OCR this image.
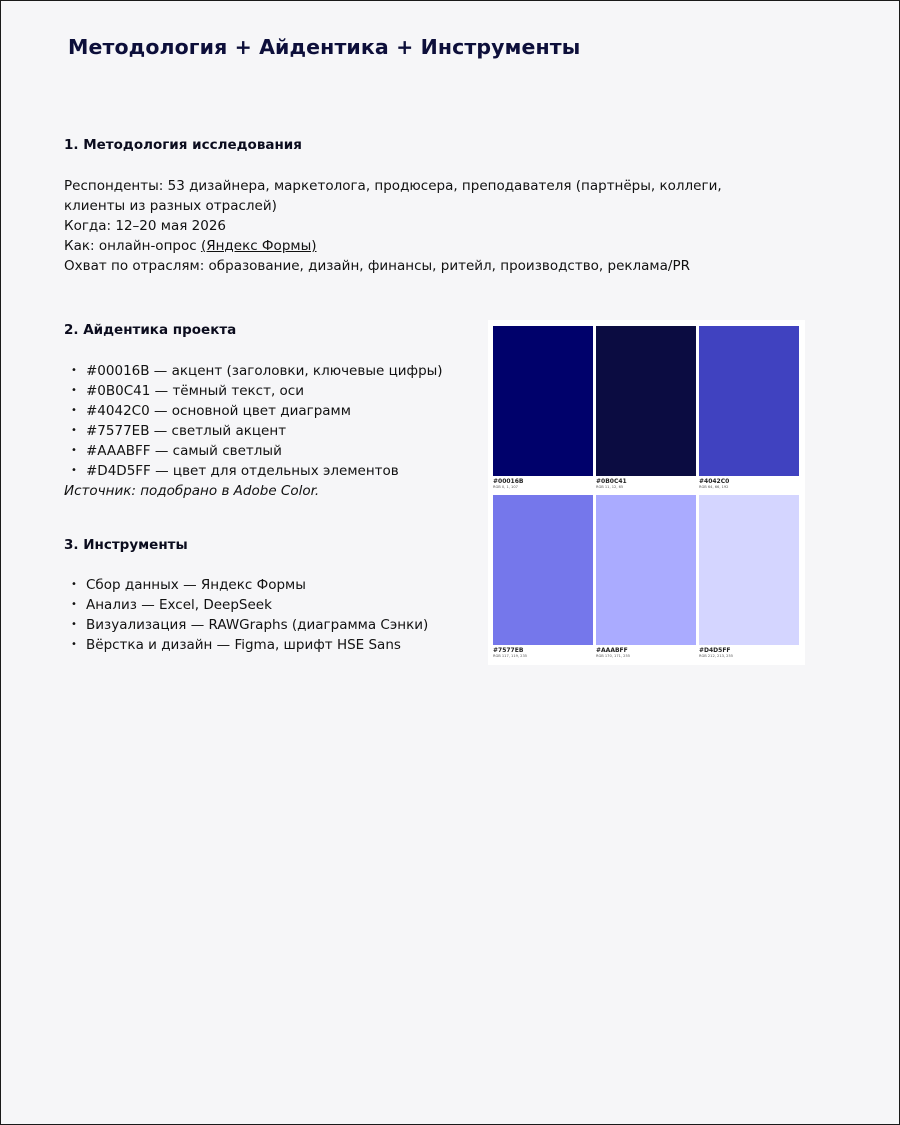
Методология + Айдентика + Инструменты
1. Методология исследования

Респонденты: 53 дизайнера, маркетолога, продюсера, преподавателя (партнёры, коллеги, клиенты из разных отраслей)

Когда: 12–20 мая 2026

Как: онлайн-опрос (Яндекс Формы)

Охват по отраслям: образование, дизайн, финансы, ритейл, производство, реклама/PR

2. Айдентика проекта
• #00016B — акцент (заголовки, ключевые цифры)
• #0B0C41 — тёмный текст, оси
• #4042C0 — основной цвет диаграмм
• #7577EB — светлый акцент
• #AAABFF — самый светлый
• #D4D5FF — цвет для отдельных элементов

Источник: подобрано в Adobe Color.

#00016B
RGB 0, 1, 107
#0B0C41
RGB 11, 12, 65
#4042C0
RGB 64, 66, 192
#7577EB
RGB 117, 119, 235
#AAABFF
RGB 170, 171, 255
#D4D5FF
RGB 212, 213, 255
3. Инструменты
• Сбор данных — Яндекс Формы
• Анализ — Excel, DeepSeek
• Визуализация — RAWGraphs (диаграмма Сэнки)
• Вёрстка и дизайн — Figma, шрифт HSE Sans
